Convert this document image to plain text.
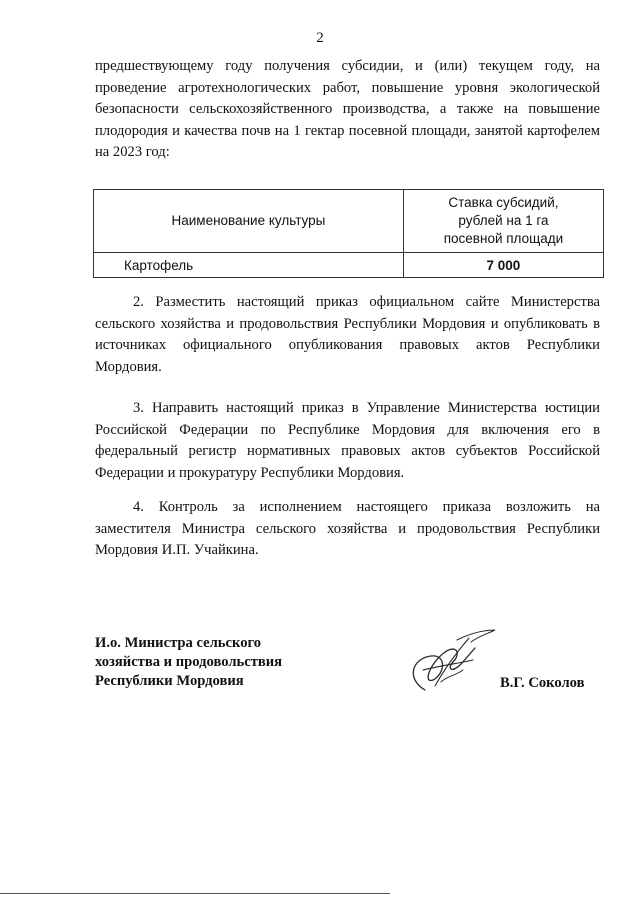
2

предшествующему году получения субсидии, и (или) текущем году, на проведение агротехнологических работ, повышение уровня экологической безопасности сельскохозяйственного производства, а также на повышение плодородия и качества почв на 1 гектар посевной площади, занятой картофелем на 2023 год:

Наименование культуры	Ставка субсидий, рублей на 1 га посевной площади
Картофель	7 000

2. Разместить настоящий приказ официальном сайте Министерства сельского хозяйства и продовольствия Республики Мордовия и опубликовать в источниках официального опубликования правовых актов Республики Мордовия.

3. Направить настоящий приказ в Управление Министерства юстиции Российской Федерации по Республике Мордовия для включения его в федеральный регистр нормативных правовых актов субъектов Российской Федерации и прокуратуру Республики Мордовия.

4. Контроль за исполнением настоящего приказа возложить на заместителя Министра сельского хозяйства и продовольствия Республики Мордовия И.П. Учайкина.

И.о. Министра сельского
хозяйства и продовольствия
Республики Мордовия	В.Г. Соколов
